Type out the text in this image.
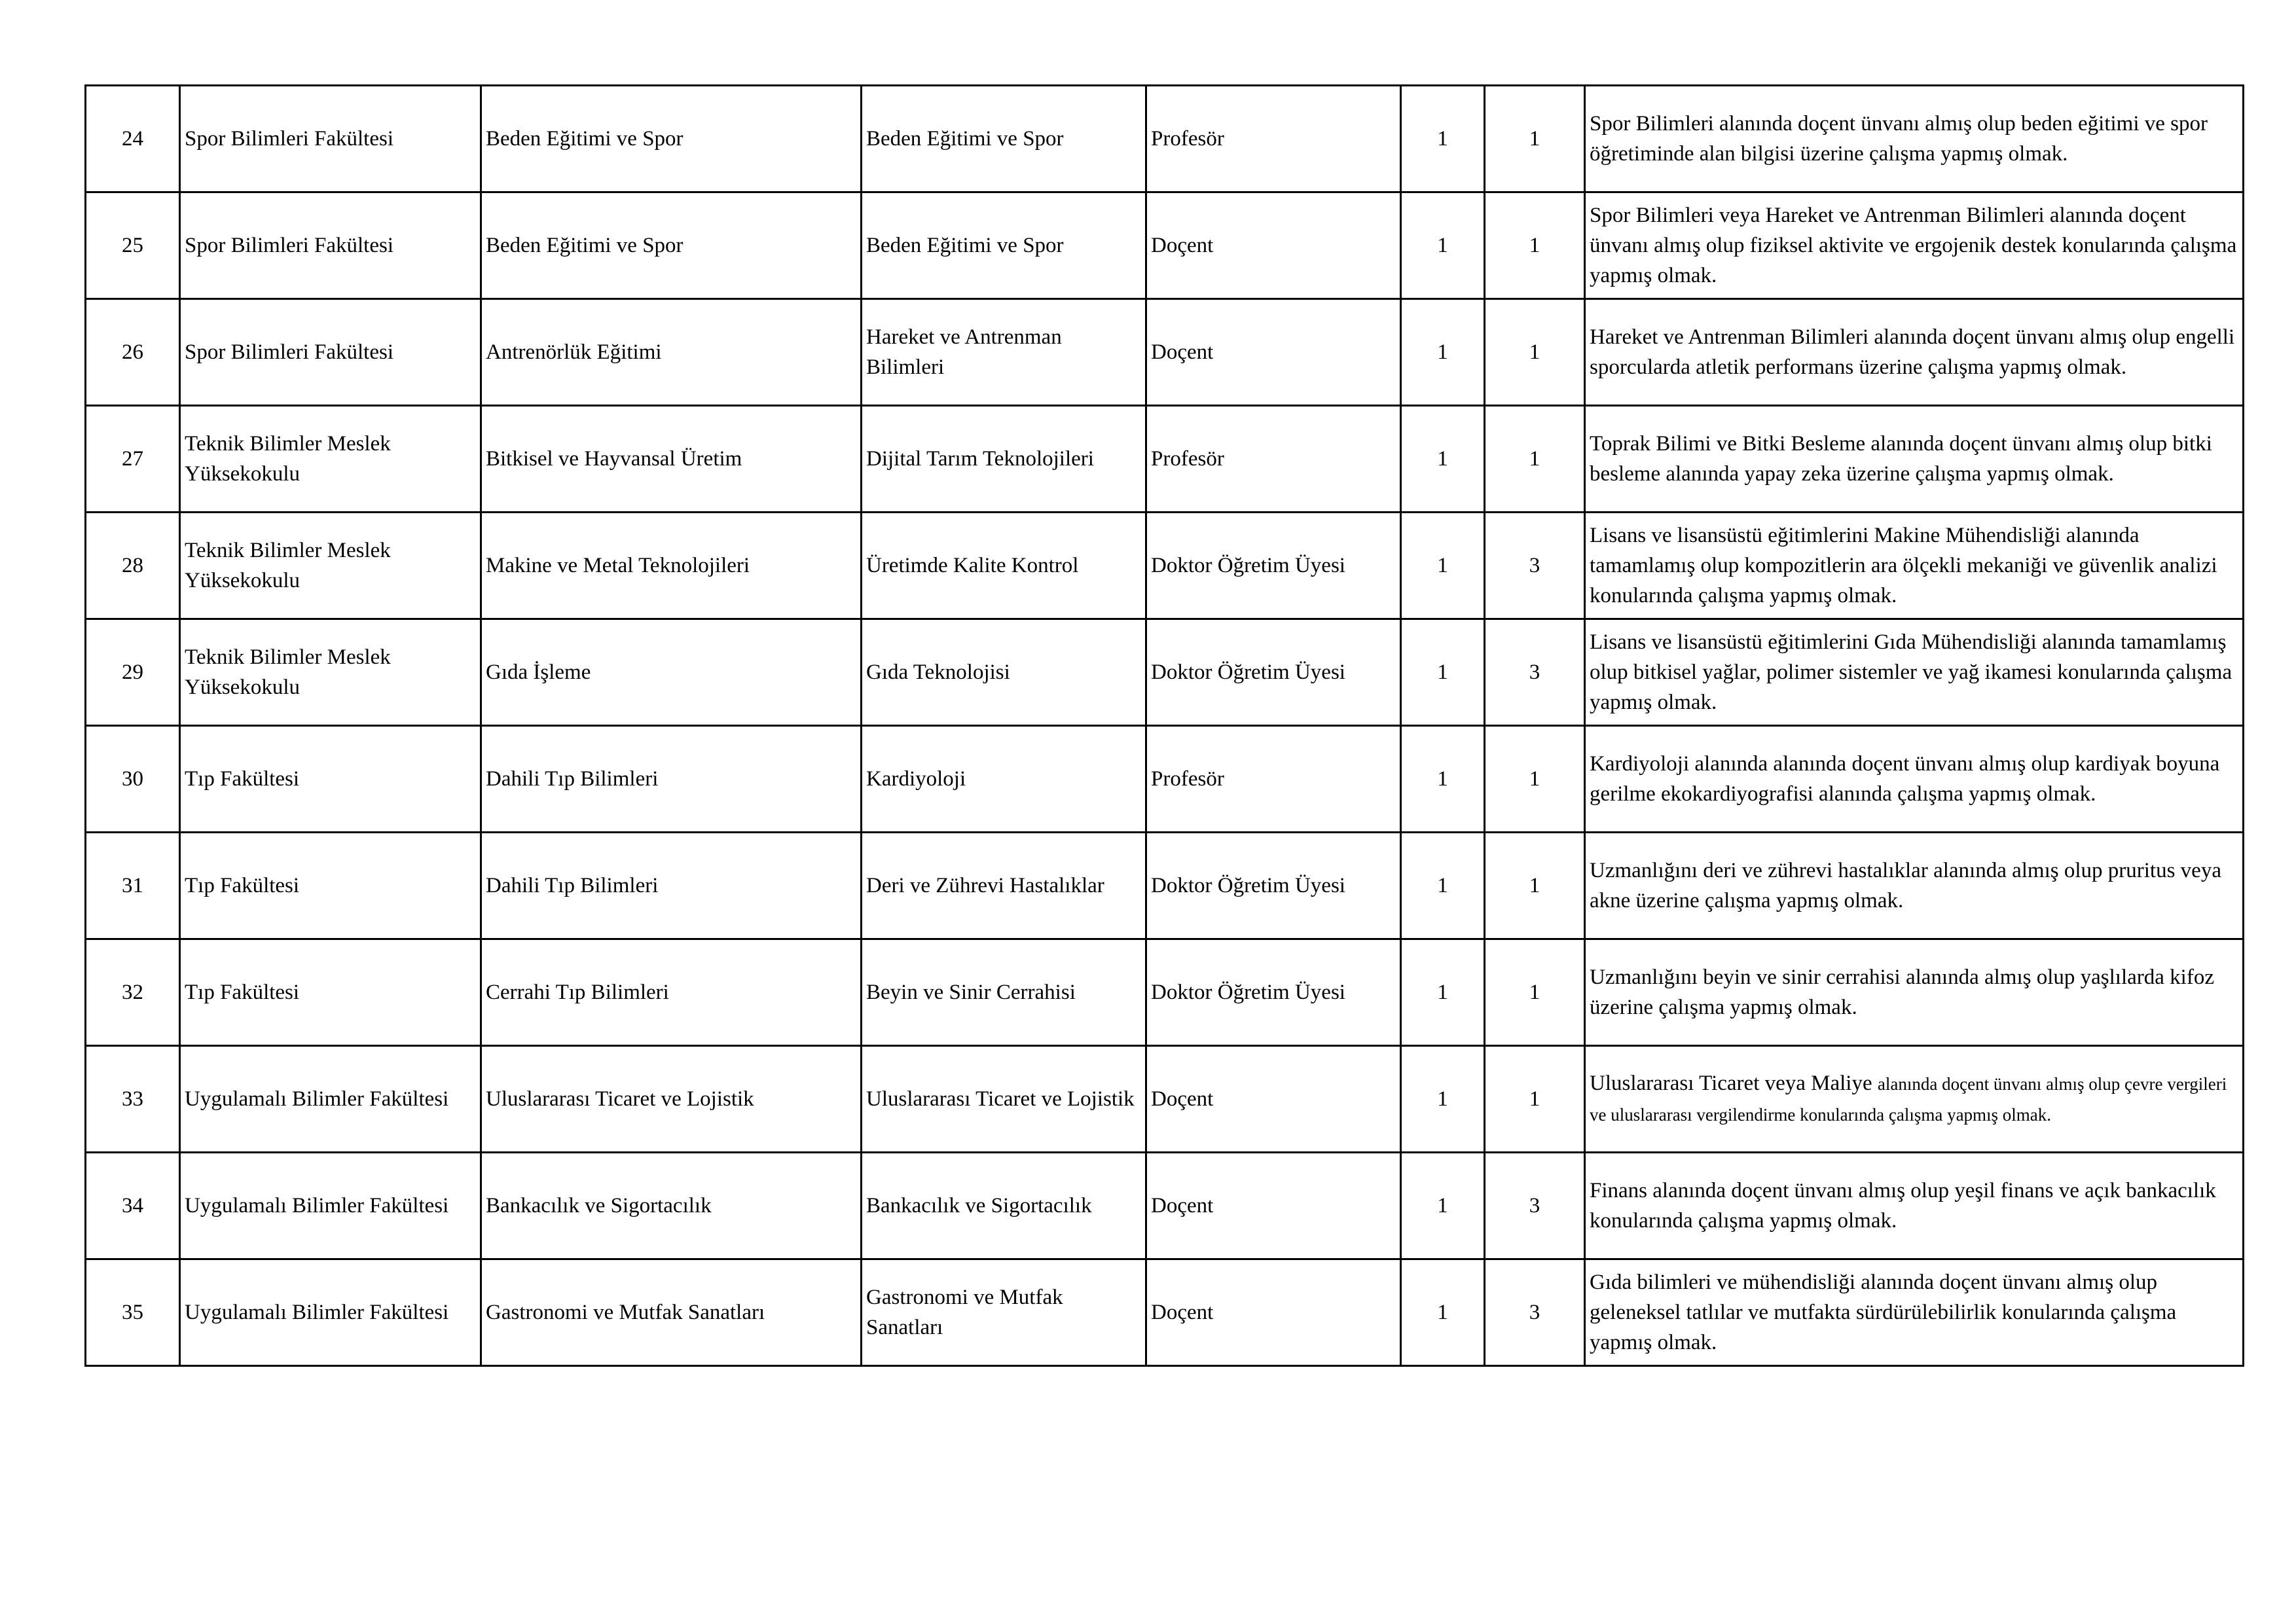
24	Spor Bilimleri Fakültesi	Beden Eğitimi ve Spor	Beden Eğitimi ve Spor	Profesör	1	1	Spor Bilimleri alanında doçent ünvanı almış olup beden eğitimi ve spor öğretiminde alan bilgisi üzerine çalışma yapmış olmak.
25	Spor Bilimleri Fakültesi	Beden Eğitimi ve Spor	Beden Eğitimi ve Spor	Doçent	1	1	Spor Bilimleri veya Hareket ve Antrenman Bilimleri alanında doçent ünvanı almış olup fiziksel aktivite ve ergojenik destek konularında çalışma yapmış olmak.
26	Spor Bilimleri Fakültesi	Antrenörlük Eğitimi	Hareket ve Antrenman Bilimleri	Doçent	1	1	Hareket ve Antrenman Bilimleri alanında doçent ünvanı almış olup engelli sporcularda atletik performans üzerine çalışma yapmış olmak.
27	Teknik Bilimler Meslek Yüksekokulu	Bitkisel ve Hayvansal Üretim	Dijital Tarım Teknolojileri	Profesör	1	1	Toprak Bilimi ve Bitki Besleme alanında doçent ünvanı almış olup bitki besleme alanında yapay zeka üzerine çalışma yapmış olmak.
28	Teknik Bilimler Meslek Yüksekokulu	Makine ve Metal Teknolojileri	Üretimde Kalite Kontrol	Doktor Öğretim Üyesi	1	3	Lisans ve lisansüstü eğitimlerini Makine Mühendisliği alanında tamamlamış olup kompozitlerin ara ölçekli mekaniği ve güvenlik analizi konularında çalışma yapmış olmak.
29	Teknik Bilimler Meslek Yüksekokulu	Gıda İşleme	Gıda Teknolojisi	Doktor Öğretim Üyesi	1	3	Lisans ve lisansüstü eğitimlerini Gıda Mühendisliği alanında tamamlamış olup bitkisel yağlar, polimer sistemler ve yağ ikamesi konularında çalışma yapmış olmak.
30	Tıp Fakültesi	Dahili Tıp Bilimleri	Kardiyoloji	Profesör	1	1	Kardiyoloji alanında alanında doçent ünvanı almış olup kardiyak boyuna gerilme ekokardiyografisi alanında çalışma yapmış olmak.
31	Tıp Fakültesi	Dahili Tıp Bilimleri	Deri ve Zührevi Hastalıklar	Doktor Öğretim Üyesi	1	1	Uzmanlığını deri ve zührevi hastalıklar alanında almış olup pruritus veya akne üzerine çalışma yapmış olmak.
32	Tıp Fakültesi	Cerrahi Tıp Bilimleri	Beyin ve Sinir Cerrahisi	Doktor Öğretim Üyesi	1	1	Uzmanlığını beyin ve sinir cerrahisi alanında almış olup yaşlılarda kifoz üzerine çalışma yapmış olmak.
33	Uygulamalı Bilimler Fakültesi	Uluslararası Ticaret ve Lojistik	Uluslararası Ticaret ve Lojistik	Doçent	1	1	Uluslararası Ticaret veya Maliye alanında doçent ünvanı almış olup çevre vergileri ve uluslararası vergilendirme konularında çalışma yapmış olmak.
34	Uygulamalı Bilimler Fakültesi	Bankacılık ve Sigortacılık	Bankacılık ve Sigortacılık	Doçent	1	3	Finans alanında doçent ünvanı almış olup yeşil finans ve açık bankacılık konularında çalışma yapmış olmak.
35	Uygulamalı Bilimler Fakültesi	Gastronomi ve Mutfak Sanatları	Gastronomi ve Mutfak Sanatları	Doçent	1	3	Gıda bilimleri ve mühendisliği alanında doçent ünvanı almış olup geleneksel tatlılar ve mutfakta sürdürülebilirlik konularında çalışma yapmış olmak.
